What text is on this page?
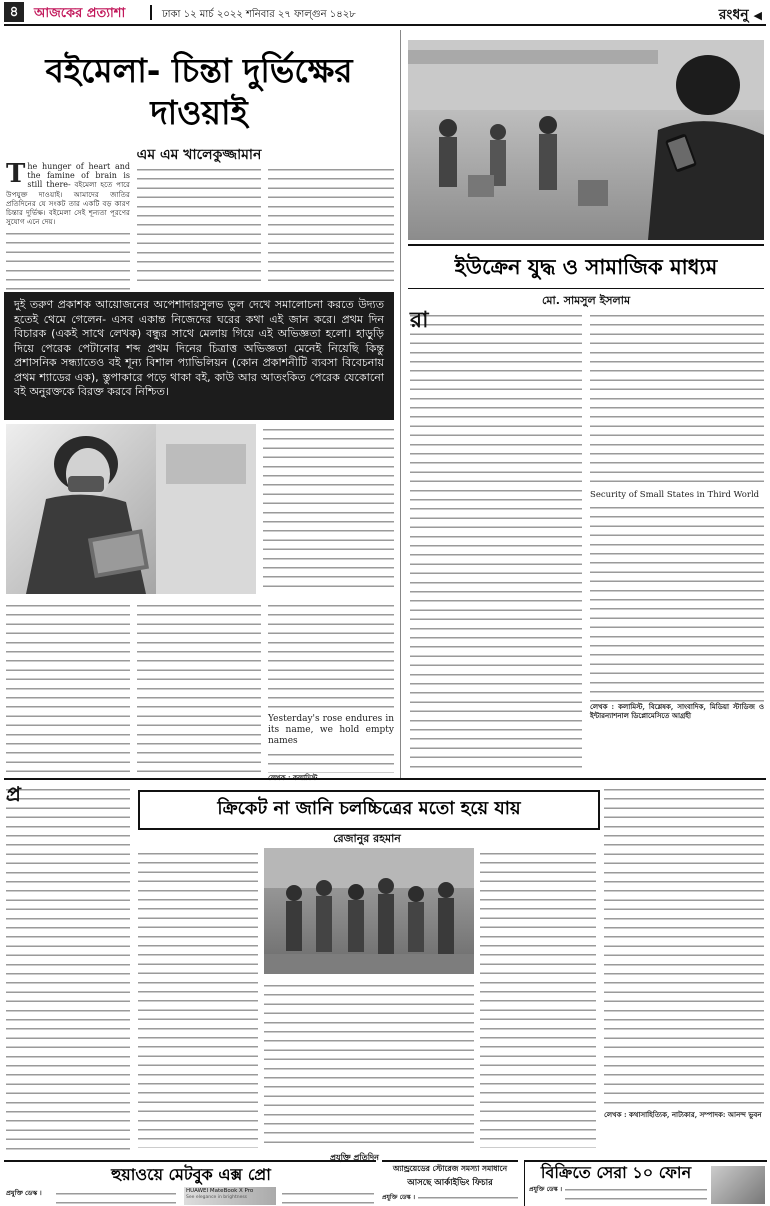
৪	আজকের প্রত্যাশা	ঢাকা ১২ মার্চ ২০২২ শনিবার ২৭ ফাল্গুন ১৪২৮	রংধনু ◀
বইমেলা- চিন্তা দুর্ভিক্ষের
দাওয়াই
এম এম খালেকুজ্জামান
T he hunger of heart and the famine of brain is still there- বইমেলা হতে পারে উপযুক্ত দাওয়াই। আমাদের জাতির প্রতিদিনের যে সংকট তার একটি বড় কারণ চিন্তার দুর্ভিক্ষ। বইমেলা সেই শূন্যতা পূরণের সুযোগ এনে দেয়।
দুই তরুণ প্রকাশক আয়োজনের অপেশাদারসুলভ ভুল দেখে সমালোচনা করতে উদ্যত হতেই থেমে গেলেন- এসব একান্ত নিজেদের ঘরের কথা এই জান করে। প্রথম দিন বিচারক (একই সাথে লেখক) বন্ধুর সাথে মেলায় গিয়ে এই অভিজ্ঞতা হলো। হাড়ুড়ি দিয়ে পেরেক পেটানোর শব্দ প্রথম দিনের চিত্রাত্ত অভিজ্ঞতা মেনেই নিয়েছি কিন্তু প্রশাসনিক সন্ধ্যাতেও বই শূন্য বিশাল প্যাভিলিয়ন (কোন প্রকাশনীটি ব্যবসা বিবেচনায় প্রথম শ্যাডের এক), স্তুপাকারে পড়ে থাকা বই, কাউ আর আতংকিত পেরেক যেকোনো বই অনুরক্তকে বিরক্ত করবে নিশ্চিত।
Yesterday's rose endures in its name, we hold empty names
ইউক্রেন যুদ্ধ ও সামাজিক মাধ্যম
মো. সামসুল ইসলাম
রা
Security of Small States in Third World
লেখক : কলামিস্ট, বিশ্লেষক, সাংবাদিক, মিডিয়া স্টাডিজ ও ইন্টারন্যাশনাল ডিপ্লোমেসিতে আগ্রহী
প্র
ক্রিকেট না জানি চলচ্চিত্রের মতো হয়ে যায়
রেজানুর রহমান
লেখক : কথাসাহিত্যিক, নাট্যকার, সম্পাদক: আনন্দ ভুবন
প্রযুক্তি প্রতিদিন
হুয়াওয়ে মেটবুক এক্স প্রো
প্রযুক্তি ডেস্ক ।	HUAWEI MateBook X Pro
See elegance in brightness
অ্যান্ড্রয়েডের স্টোরেজ সমস্যা সমাধানে
আসছে আর্কাইভিং ফিচার
প্রযুক্তি ডেস্ক ।
বিক্রিতে সেরা ১০ ফোন
প্রযুক্তি ডেস্ক ।
